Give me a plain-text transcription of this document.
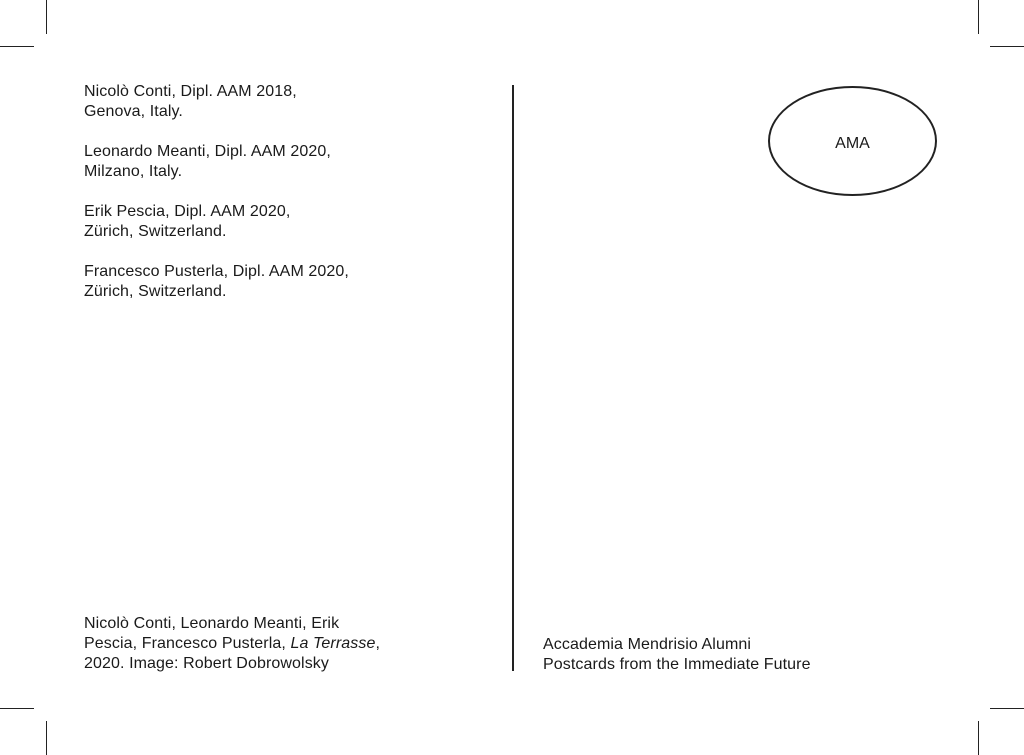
Nicolò Conti, Dipl. AAM 2018,
Genova, Italy.

Leonardo Meanti, Dipl. AAM 2020,
Milzano, Italy.

Erik Pescia, Dipl. AAM 2020,
Zürich, Switzerland.

Francesco Pusterla, Dipl. AAM 2020,
Zürich, Switzerland.

Nicolò Conti, Leonardo Meanti, Erik
Pescia, Francesco Pusterla, La Terrasse,
2020. Image: Robert Dobrowolsky
AMA
Accademia Mendrisio Alumni
Postcards from the Immediate Future
